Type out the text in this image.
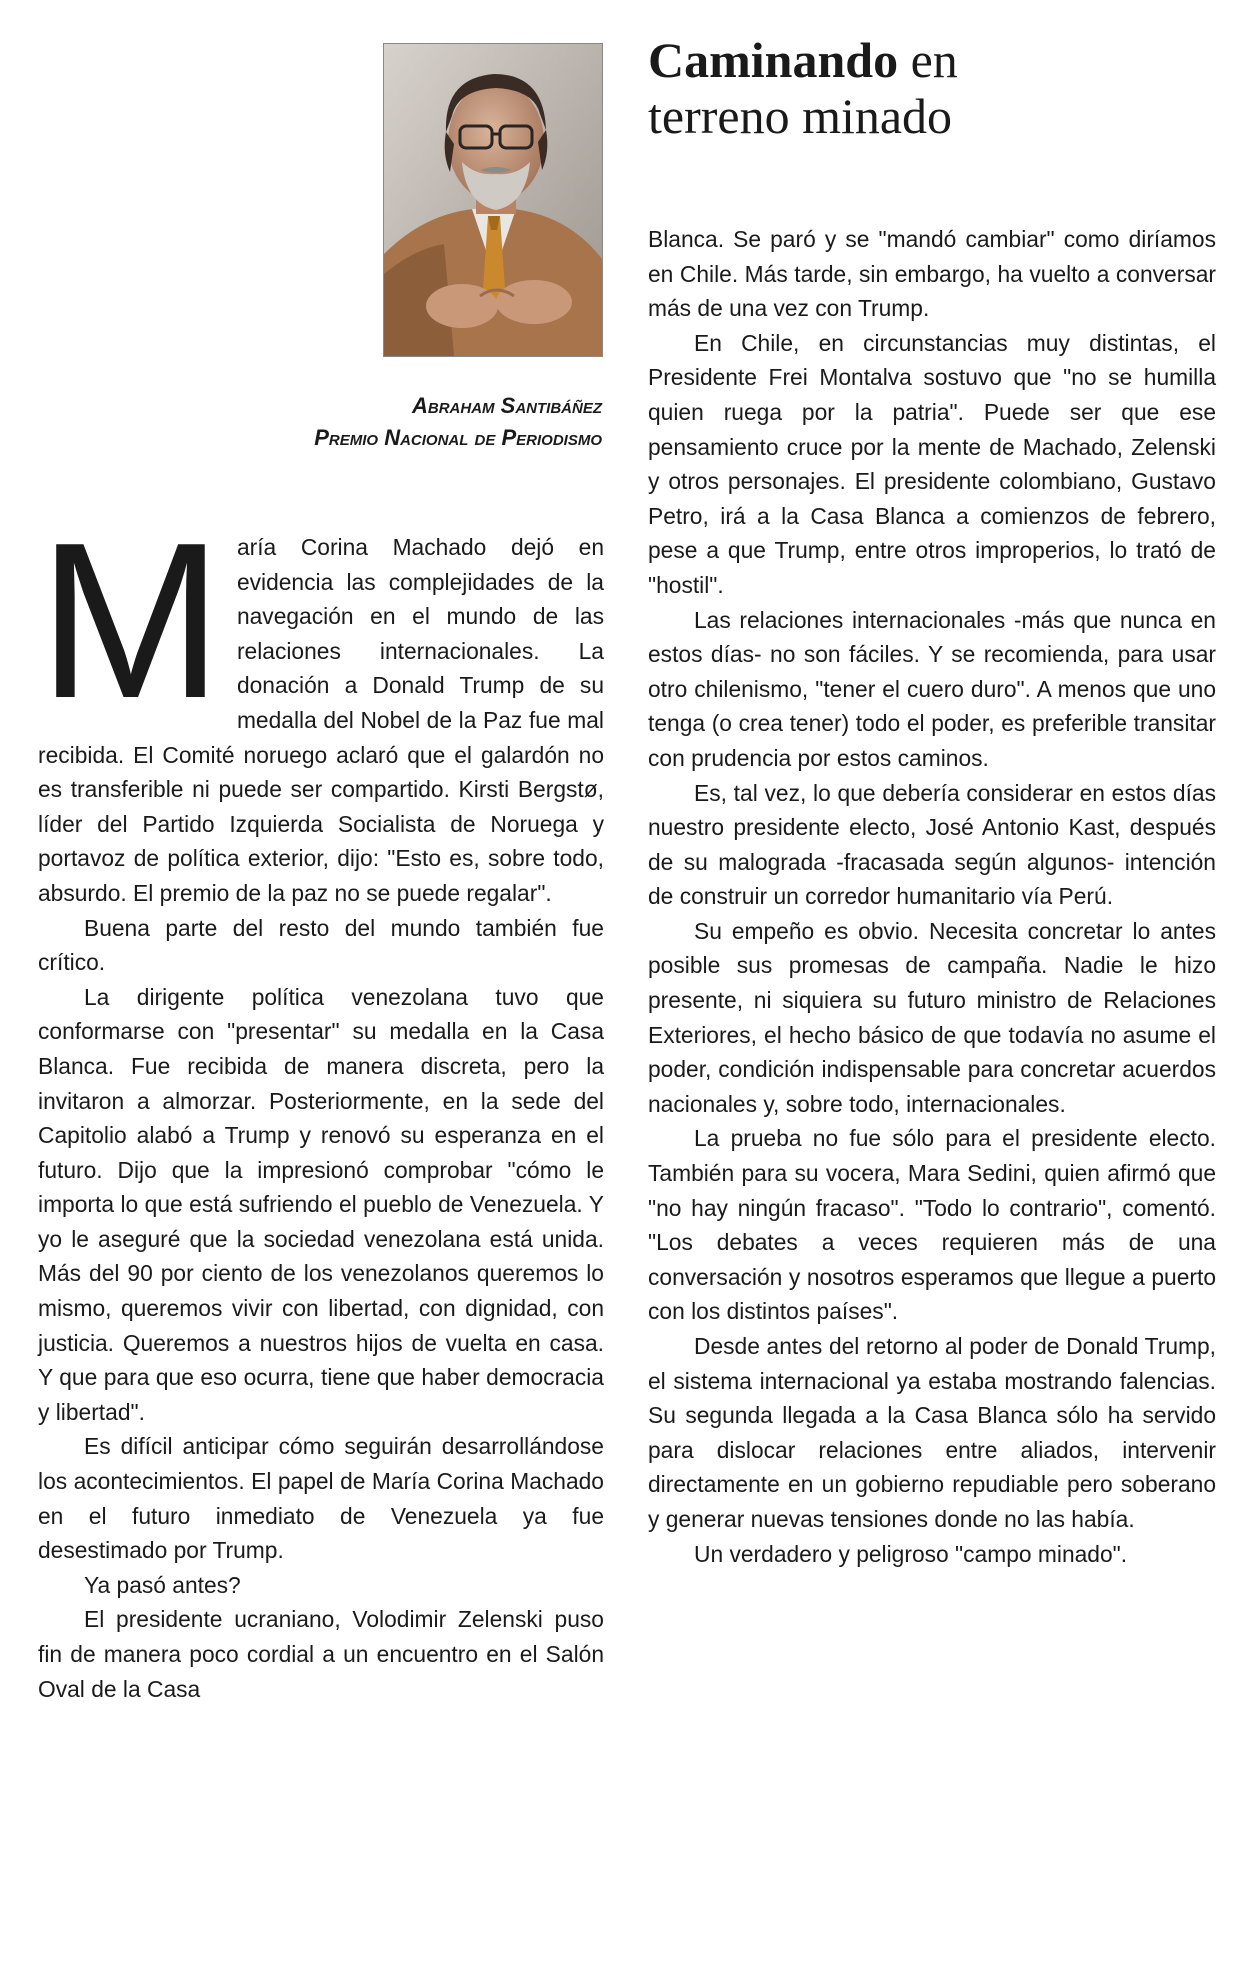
Caminando en
terreno minado
Abraham Santibáñez
Premio Nacional de Periodismo

María Corina Machado dejó en evidencia las complejidades de la navegación en el mundo de las relaciones internacionales. La donación a Donald Trump de su medalla del Nobel de la Paz fue mal recibida. El Comité noruego aclaró que el galardón no es transferible ni puede ser compartido. Kirsti Bergstø, líder del Partido Izquierda Socialista de Noruega y portavoz de política exterior, dijo: "Esto es, sobre todo, absurdo. El premio de la paz no se puede regalar".

Buena parte del resto del mundo también fue crítico.

La dirigente política venezolana tuvo que conformarse con "presentar" su medalla en la Casa Blanca. Fue recibida de manera discreta, pero la invitaron a almorzar. Posteriormente, en la sede del Capitolio alabó a Trump y renovó su esperanza en el futuro. Dijo que la impresionó comprobar "cómo le importa lo que está sufriendo el pueblo de Venezuela. Y yo le aseguré que la sociedad venezolana está unida. Más del 90 por ciento de los venezolanos queremos lo mismo, queremos vivir con libertad, con dignidad, con justicia. Queremos a nuestros hijos de vuelta en casa. Y que para que eso ocurra, tiene que haber democracia y libertad".

Es difícil anticipar cómo seguirán desarrollándose los acontecimientos. El papel de María Corina Machado en el futuro inmediato de Venezuela ya fue desestimado por Trump.

Ya pasó antes?

El presidente ucraniano, Volodimir Zelenski puso fin de manera poco cordial a un encuentro en el Salón Oval de la Casa

Blanca. Se paró y se "mandó cambiar" como diríamos en Chile. Más tarde, sin embargo, ha vuelto a conversar más de una vez con Trump.

En Chile, en circunstancias muy distintas, el Presidente Frei Montalva sostuvo que "no se humilla quien ruega por la patria". Puede ser que ese pensamiento cruce por la mente de Machado, Zelenski y otros personajes. El presidente colombiano, Gustavo Petro, irá a la Casa Blanca a comienzos de febrero, pese a que Trump, entre otros improperios, lo trató de "hostil".

Las relaciones internacionales -más que nunca en estos días- no son fáciles. Y se recomienda, para usar otro chilenismo, "tener el cuero duro". A menos que uno tenga (o crea tener) todo el poder, es preferible transitar con prudencia por estos caminos.

Es, tal vez, lo que debería considerar en estos días nuestro presidente electo, José Antonio Kast, después de su malograda -fracasada según algunos- intención de construir un corredor humanitario vía Perú.

Su empeño es obvio. Necesita concretar lo antes posible sus promesas de campaña. Nadie le hizo presente, ni siquiera su futuro ministro de Relaciones Exteriores, el hecho básico de que todavía no asume el poder, condición indispensable para concretar acuerdos nacionales y, sobre todo, internacionales.

La prueba no fue sólo para el presidente electo. También para su vocera, Mara Sedini, quien afirmó que "no hay ningún fracaso". "Todo lo contrario", comentó. "Los debates a veces requieren más de una conversación y nosotros esperamos que llegue a puerto con los distintos países".

Desde antes del retorno al poder de Donald Trump, el sistema internacional ya estaba mostrando falencias. Su segunda llegada a la Casa Blanca sólo ha servido para dislocar relaciones entre aliados, intervenir directamente en un gobierno repudiable pero soberano y generar nuevas tensiones donde no las había.

Un verdadero y peligroso "campo minado".
